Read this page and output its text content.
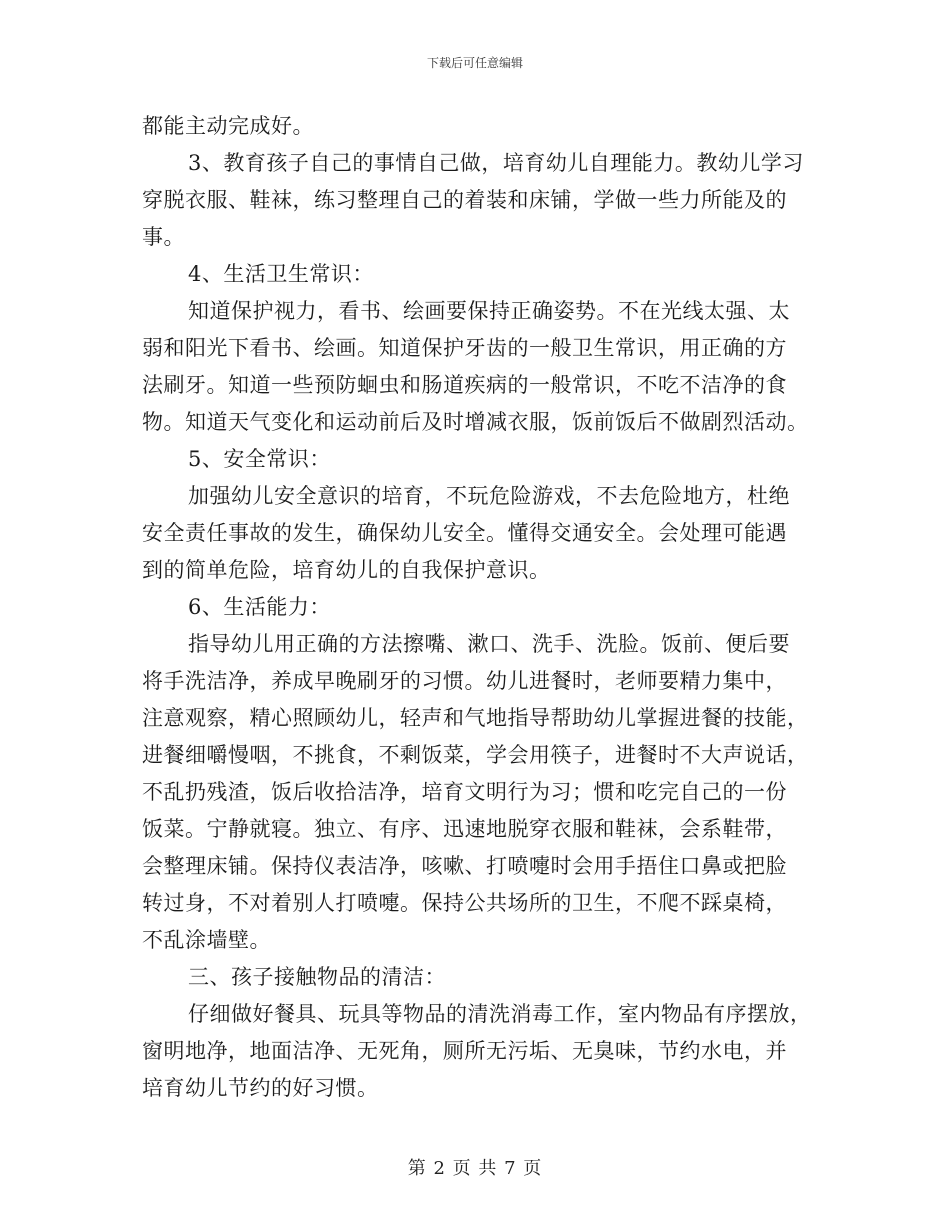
下载后可任意编辑
都能主动完成好。
3、教育孩子自己的事情自己做，培育幼儿自理能力。教幼儿学习
穿脱衣服、鞋袜，练习整理自己的着装和床铺，学做一些力所能及的
事。
4、生活卫生常识：
知道保护视力，看书、绘画要保持正确姿势。不在光线太强、太
弱和阳光下看书、绘画。知道保护牙齿的一般卫生常识，用正确的方
法刷牙。知道一些预防蛔虫和肠道疾病的一般常识，不吃不洁净的食
物。知道天气变化和运动前后及时增减衣服，饭前饭后不做剧烈活动。
5、安全常识：
加强幼儿安全意识的培育，不玩危险游戏，不去危险地方，杜绝
安全责任事故的发生，确保幼儿安全。懂得交通安全。会处理可能遇
到的简单危险，培育幼儿的自我保护意识。
6、生活能力：
指导幼儿用正确的方法擦嘴、漱口、洗手、洗脸。饭前、便后要
将手洗洁净，养成早晚刷牙的习惯。幼儿进餐时，老师要精力集中，
注意观察，精心照顾幼儿，轻声和气地指导帮助幼儿掌握进餐的技能，
进餐细嚼慢咽，不挑食，不剩饭菜，学会用筷子，进餐时不大声说话，
不乱扔残渣，饭后收拾洁净，培育文明行为习；惯和吃完自己的一份
饭菜。宁静就寝。独立、有序、迅速地脱穿衣服和鞋袜，会系鞋带，
会整理床铺。保持仪表洁净，咳嗽、打喷嚏时会用手捂住口鼻或把脸
转过身，不对着别人打喷嚏。保持公共场所的卫生，不爬不踩桌椅，
不乱涂墙壁。
三、孩子接触物品的清洁：
仔细做好餐具、玩具等物品的清洗消毒工作，室内物品有序摆放，
窗明地净，地面洁净、无死角，厕所无污垢、无臭味，节约水电，并
培育幼儿节约的好习惯。
第 2 页 共 7 页
